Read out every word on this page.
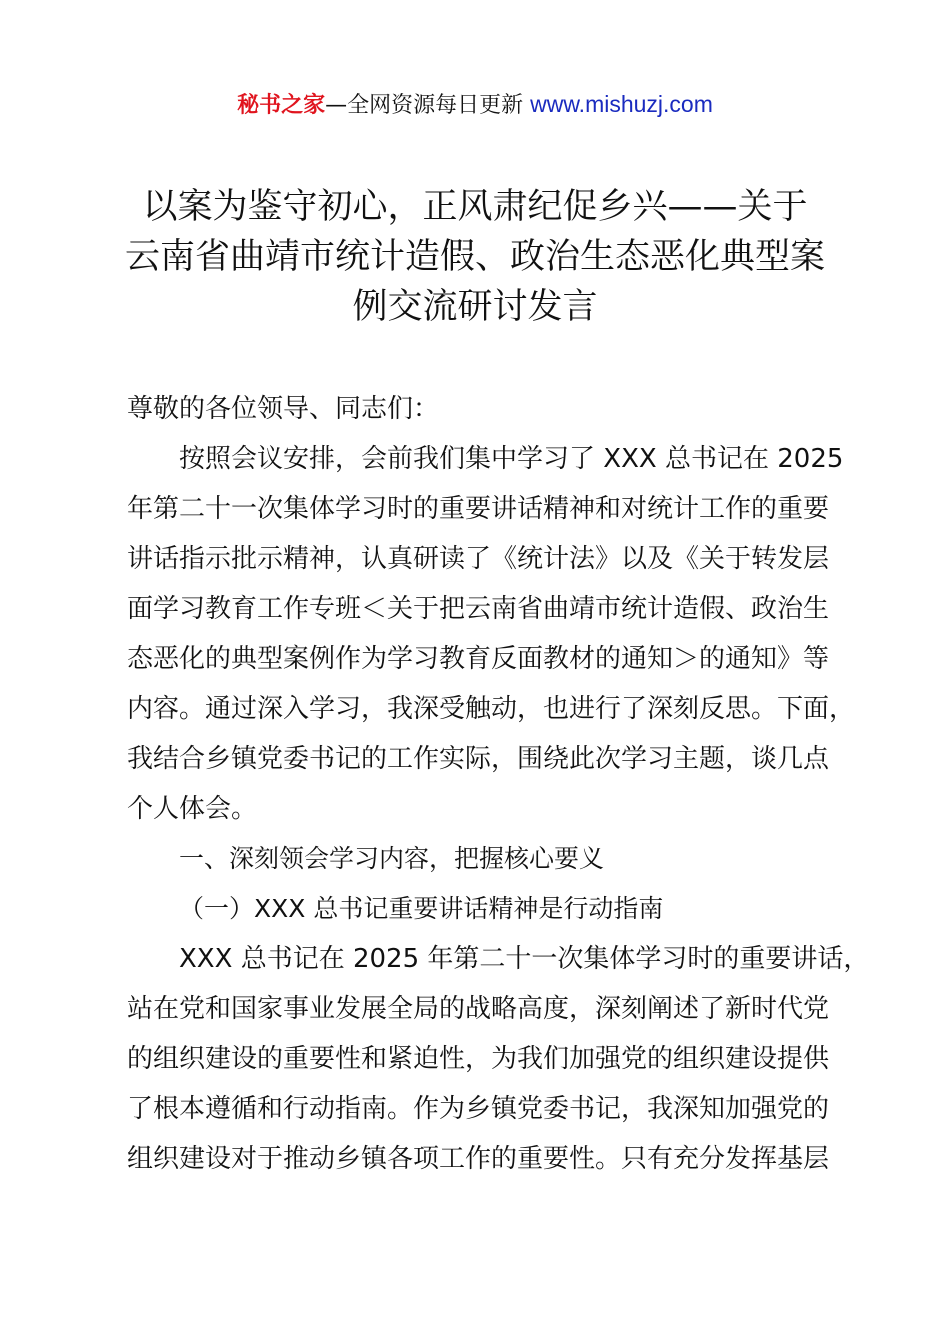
秘书之家—全网资源每日更新 www.mishuzj.com
以案为鉴守初心，正风肃纪促乡兴——关于
云南省曲靖市统计造假、政治生态恶化典型案
例交流研讨发言
尊敬的各位领导、同志们：
按照会议安排，会前我们集中学习了 XXX 总书记在 2025
年第二十一次集体学习时的重要讲话精神和对统计工作的重要
讲话指示批示精神，认真研读了《统计法》以及《关于转发层
面学习教育工作专班＜关于把云南省曲靖市统计造假、政治生
态恶化的典型案例作为学习教育反面教材的通知＞的通知》等
内容。通过深入学习，我深受触动，也进行了深刻反思。下面，
我结合乡镇党委书记的工作实际，围绕此次学习主题，谈几点
个人体会。
一、深刻领会学习内容，把握核心要义
（一）XXX 总书记重要讲话精神是行动指南
XXX 总书记在 2025 年第二十一次集体学习时的重要讲话，
站在党和国家事业发展全局的战略高度，深刻阐述了新时代党
的组织建设的重要性和紧迫性，为我们加强党的组织建设提供
了根本遵循和行动指南。作为乡镇党委书记，我深知加强党的
组织建设对于推动乡镇各项工作的重要性。只有充分发挥基层
